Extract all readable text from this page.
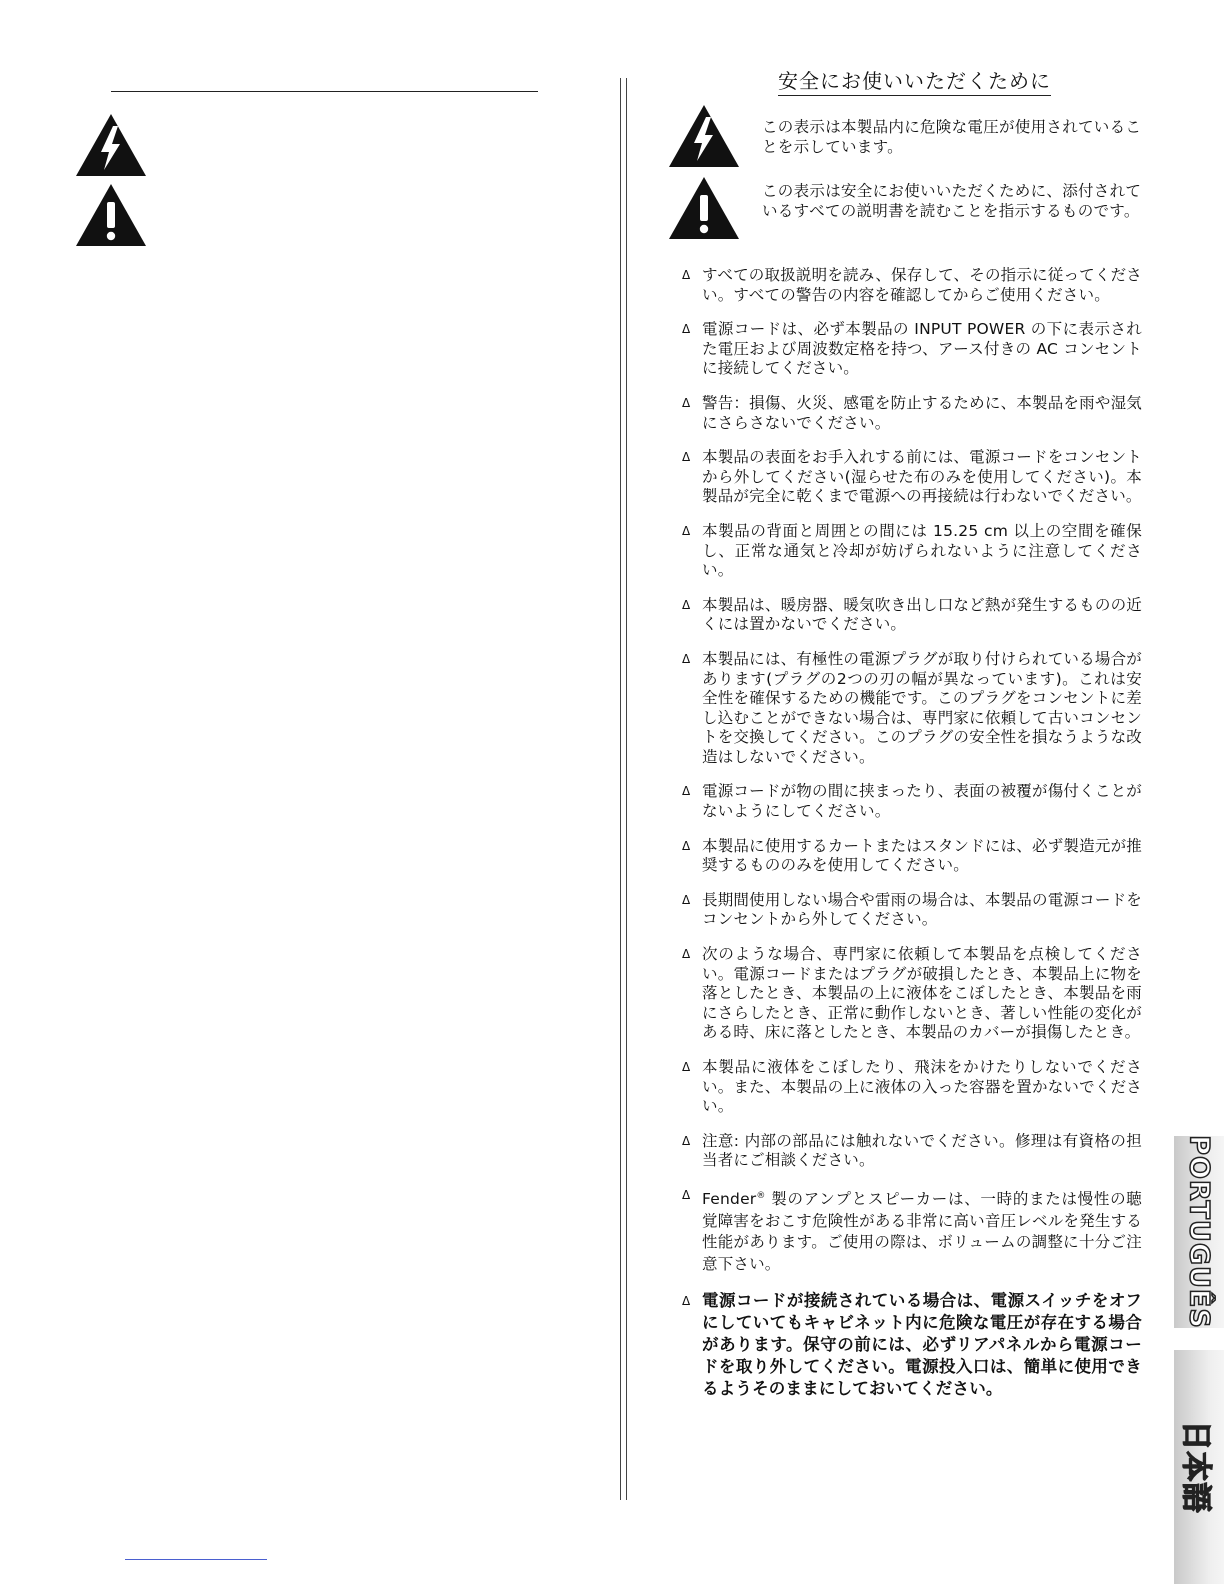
安全にお使いいただくために
この表示は本製品内に危険な電圧が使用されていることを示しています。
この表示は安全にお使いいただくために、添付されているすべての説明書を読むことを指示するものです。
Δ すべての取扱説明を読み、保存して、その指示に従ってください。すべての警告の内容を確認してからご使用ください。
Δ 電源コードは、必ず本製品の INPUT POWER の下に表示された電圧および周波数定格を持つ、アース付きの AC コンセントに接続してください。
Δ 警告：損傷、火災、感電を防止するために、本製品を雨や湿気にさらさないでください。
Δ 本製品の表面をお手入れする前には、電源コードをコンセントから外してください(湿らせた布のみを使用してください)。本製品が完全に乾くまで電源への再接続は行わないでください。
Δ 本製品の背面と周囲との間には 15.25 cm 以上の空間を確保し、正常な通気と冷却が妨げられないように注意してください。
Δ 本製品は、暖房器、暖気吹き出し口など熱が発生するものの近くには置かないでください。
Δ 本製品には、有極性の電源プラグが取り付けられている場合があります(プラグの2つの刃の幅が異なっています)。これは安全性を確保するための機能です。このプラグをコンセントに差し込むことができない場合は、専門家に依頼して古いコンセントを交換してください。このプラグの安全性を損なうような改造はしないでください。
Δ 電源コードが物の間に挟まったり、表面の被覆が傷付くことがないようにしてください。
Δ 本製品に使用するカートまたはスタンドには、必ず製造元が推奨するもののみを使用してください。
Δ 長期間使用しない場合や雷雨の場合は、本製品の電源コードをコンセントから外してください。
Δ 次のような場合、専門家に依頼して本製品を点検してください。電源コードまたはプラグが破損したとき、本製品上に物を落としたとき、本製品の上に液体をこぼしたとき、本製品を雨にさらしたとき、正常に動作しないとき、著しい性能の変化がある時、床に落としたとき、本製品のカバーが損傷したとき。
Δ 本製品に液体をこぼしたり、飛沫をかけたりしないでください。また、本製品の上に液体の入った容器を置かないでください。
Δ 注意: 内部の部品には触れないでください。修理は有資格の担当者にご相談ください。
Δ Fender® 製のアンプとスピーカーは、一時的または慢性の聴覚障害をおこす危険性がある非常に高い音圧レベルを発生する性能があります。ご使用の際は、ボリュームの調整に十分ご注意下さい。
Δ 電源コードが接続されている場合は、電源スイッチをオフにしていてもキャビネット内に危険な電圧が存在する場合があります。保守の前には、必ずリアパネルから電源コードを取り外してください。電源投入口は、簡単に使用できるようそのままにしておいてください。
PORTUGUÊS
日本語
